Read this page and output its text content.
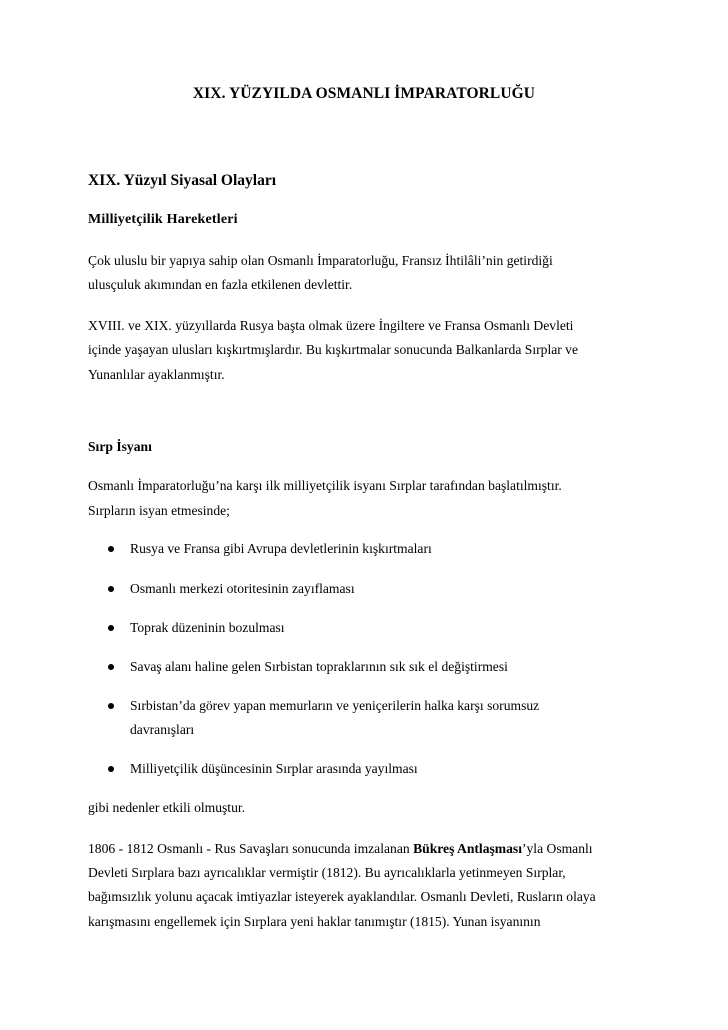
XIX. YÜZYILDA OSMANLI İMPARATORLUĞU
XIX. Yüzyıl Siyasal Olayları
Milliyetçilik Hareketleri
Çok uluslu bir yapıya sahip olan Osmanlı İmparatorluğu, Fransız İhtilâli’nin getirdiği
ulusçuluk akımından en fazla etkilenen devlettir.
XVIII. ve XIX. yüzyıllarda Rusya başta olmak üzere İngiltere ve Fransa Osmanlı Devleti
içinde yaşayan ulusları kışkırtmışlardır. Bu kışkırtmalar sonucunda Balkanlarda Sırplar ve
Yunanlılar ayaklanmıştır.
Sırp İsyanı
Osmanlı İmparatorluğu’na karşı ilk milliyetçilik isyanı Sırplar tarafından başlatılmıştır.
Sırpların isyan etmesinde;
Rusya ve Fransa gibi Avrupa devletlerinin kışkırtmaları
Osmanlı merkezi otoritesinin zayıflaması
Toprak düzeninin bozulması
Savaş alanı haline gelen Sırbistan topraklarının sık sık el değiştirmesi
Sırbistan’da görev yapan memurların ve yeniçerilerin halka karşı sorumsuz
davranışları
Milliyetçilik düşüncesinin Sırplar arasında yayılması
gibi nedenler etkili olmuştur.
1806 - 1812 Osmanlı - Rus Savaşları sonucunda imzalanan Bükreş Antlaşması’yla Osmanlı
Devleti Sırplara bazı ayrıcalıklar vermiştir (1812). Bu ayrıcalıklarla yetinmeyen Sırplar,
bağımsızlık yolunu açacak imtiyazlar isteyerek ayaklandılar. Osmanlı Devleti, Rusların olaya
karışmasını engellemek için Sırplara yeni haklar tanımıştır (1815). Yunan isyanının
